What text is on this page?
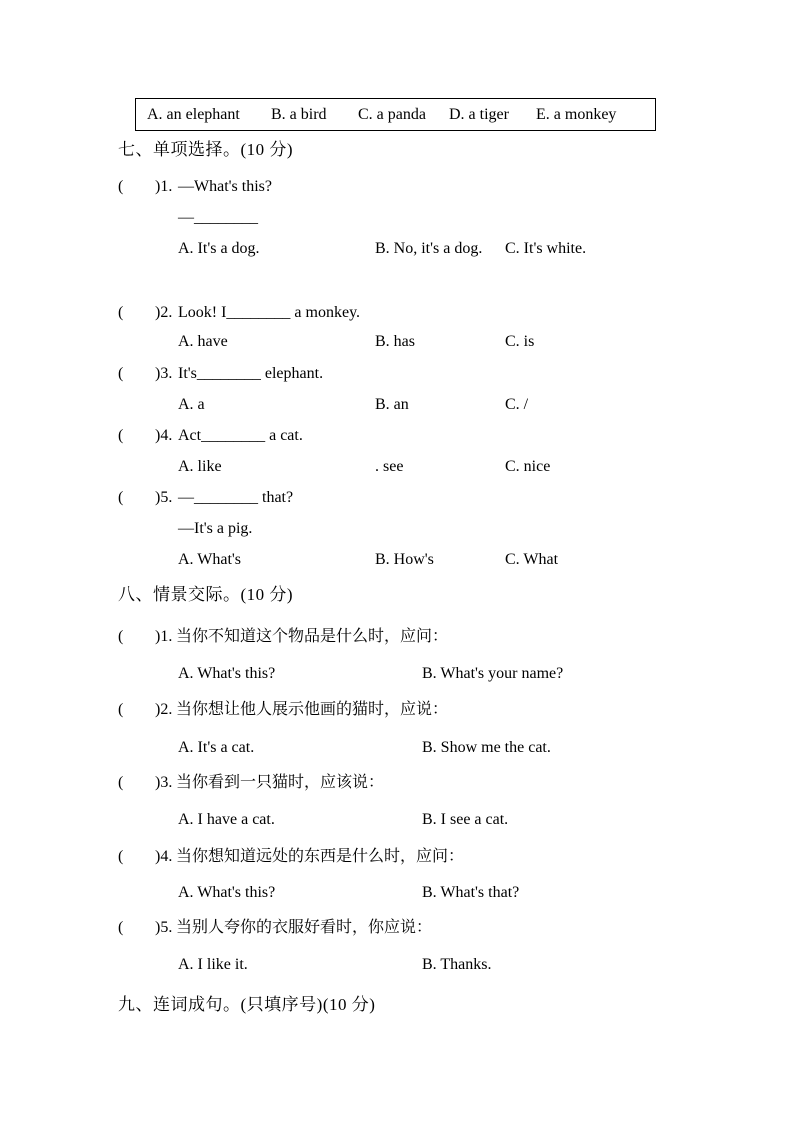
A. an elephant B. a bird C. a panda D. a tiger E. a monkey
七、单项选择。(10 分)
( )1. —What's this?
—________
A. It's a dog.	B. No, it's a dog. C. It's white.
( )2. Look! I________ a monkey.
A. have	B. has	C. is
( )3. It's________ elephant.
A. a	B. an	C. /
( )4. Act________ a cat.
A. like	. see	C. nice
( )5. —________ that?
—It's a pig.
A. What's	B. How's	C. What
八、情景交际。(10 分)
( )1. 当你不知道这个物品是什么时，应问：
A. What's this?	B. What's your name?
( )2. 当你想让他人展示他画的猫时，应说：
A. It's a cat.	B. Show me the cat.
( )3. 当你看到一只猫时，应该说：
A. I have a cat.	B. I see a cat.
( )4. 当你想知道远处的东西是什么时，应问：
A. What's this?	B. What's that?
( )5. 当别人夸你的衣服好看时，你应说：
A. I like it.	B. Thanks.
九、连词成句。(只填序号)(10 分)
